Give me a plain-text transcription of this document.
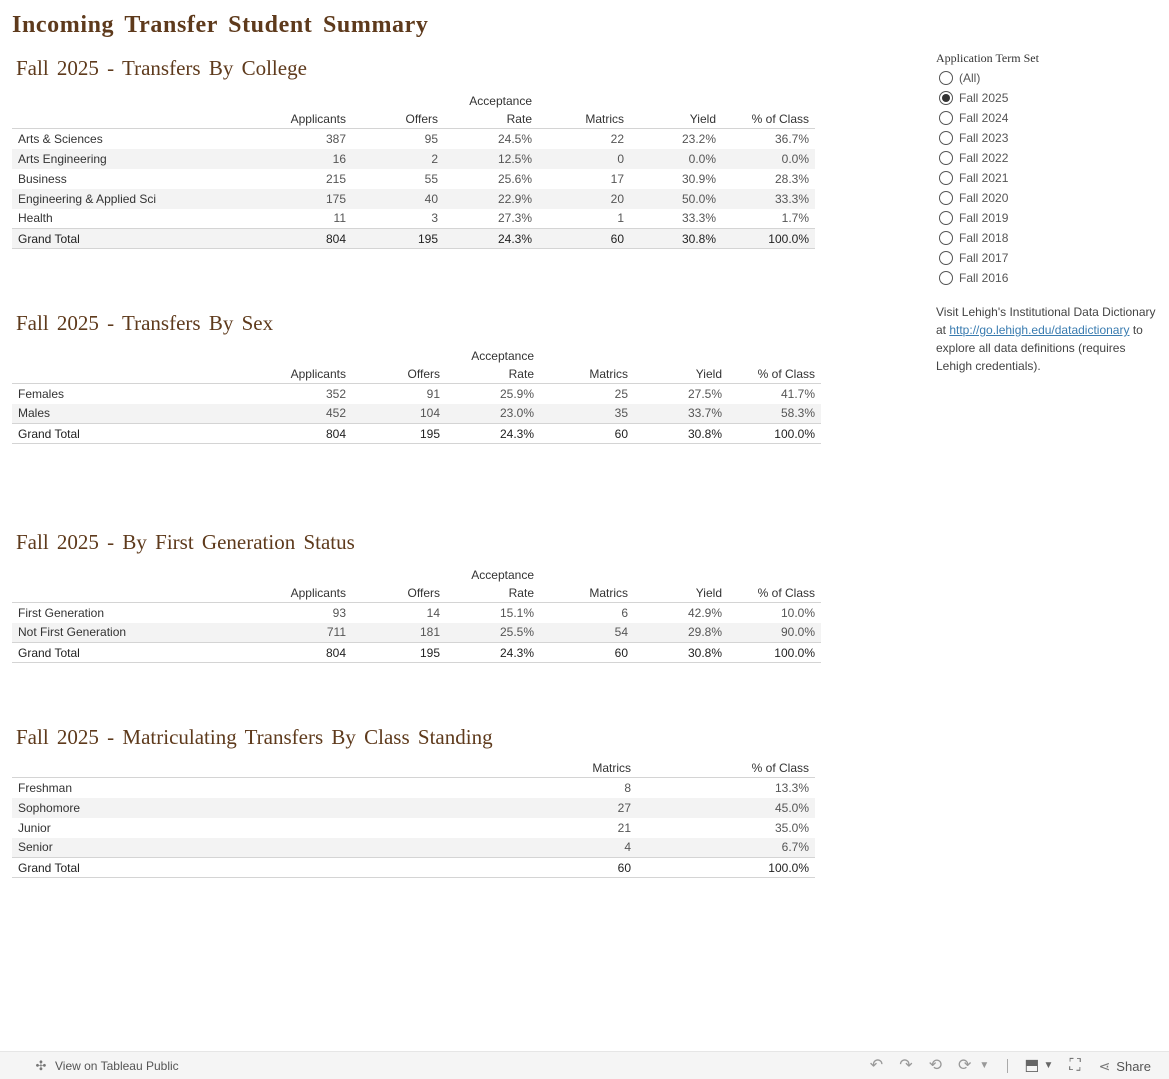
Incoming Transfer Student Summary
Fall 2025 - Transfers By College
			Acceptance			
	Applicants	Offers	Rate	Matrics	Yield	% of Class
Arts & Sciences	387	95	24.5%	22	23.2%	36.7%
Arts Engineering	16	2	12.5%	0	0.0%	0.0%
Business	215	55	25.6%	17	30.9%	28.3%
Engineering & Applied Sci	175	40	22.9%	20	50.0%	33.3%
Health	11	3	27.3%	1	33.3%	1.7%
Grand Total	804	195	24.3%	60	30.8%	100.0%
Fall 2025 - Transfers By Sex
			Acceptance			
	Applicants	Offers	Rate	Matrics	Yield	% of Class
Females	352	91	25.9%	25	27.5%	41.7%
Males	452	104	23.0%	35	33.7%	58.3%
Grand Total	804	195	24.3%	60	30.8%	100.0%
Fall 2025 - By First Generation Status
			Acceptance			
	Applicants	Offers	Rate	Matrics	Yield	% of Class
First Generation	93	14	15.1%	6	42.9%	10.0%
Not First Generation	711	181	25.5%	54	29.8%	90.0%
Grand Total	804	195	24.3%	60	30.8%	100.0%
Fall 2025 - Matriculating Transfers By Class Standing
	Matrics	% of Class
Freshman	8	13.3%
Sophomore	27	45.0%
Junior	21	35.0%
Senior	4	6.7%
Grand Total	60	100.0%
Application Term Set
(All)
Fall 2025
Fall 2024
Fall 2023
Fall 2022
Fall 2021
Fall 2020
Fall 2019
Fall 2018
Fall 2017
Fall 2016
Visit Lehigh's Institutional Data Dictionary at http://go.lehigh.edu/datadictionary to explore all data definitions (requires Lehigh credentials).
✣ View on Tableau Public	↶ ↷ ⟲ ⟳ ▼ ⬒ ▼ ⛶ ⋖ Share
